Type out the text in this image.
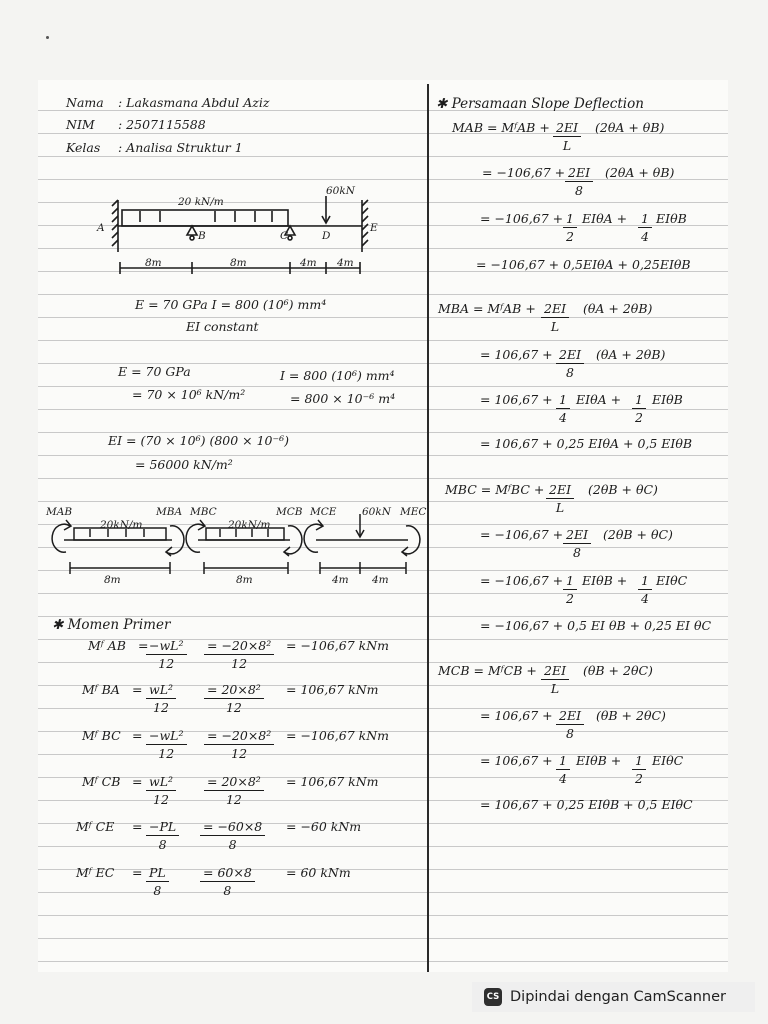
Nama : Lakasmana Abdul Aziz
NIM : 2507115588
Kelas : Analisa Struktur 1
20 kN/m
60kN
A
B	C	D
E
8m	8m	4m 4m
E = 70 GPa I = 800 (10⁶) mm⁴
EI constant
E = 70 GPa	I = 800 (10⁶) mm⁴
= 70 × 10⁶ kN/m²	= 800 × 10⁻⁶ m⁴
EI = (70 × 10⁶) (800 × 10⁻⁶)
= 56000 kN/m²
MAB	MBA MBC	MCB MCE	MEC
20kN/m	20kN/m
60kN
8m	8m	4m 4m
✱ Momen Primer
Mᶠ AB =
$\frac{\text{−wL²}}{12} \frac{\text{= −20×8²}}{12} = -106,67$ kNm
Mᶠ BA = $\frac{\text{wL²}}{12} \frac{\text{= 20×8²}}{12} = 106,67$ kNm
Mᶠ BC = $\frac{\text{−wL²}}{12} \frac{\text{= −20×8²}}{12} = -106,67$ kNm
Mᶠ CB = $\frac{\text{wL²}}{12} \frac{\text{= 20×8²}}{12} = 106,67$ kNm
Mᶠ CE = $\frac{-PL}{8} \frac{= -60\times 8}{8} = -60$ kNm
Mᶠ EC = $\frac{PL}{8}$	$\frac{= 60\times 8}{8} = 60$ kNm
✱ Persamaan Slope Deflection
MAB = MᶠAB + $\frac{2EI}{L} (2\theta A + \theta B)$
= $-106,67 + \frac{2EI}{8} (2\theta A + \theta B)$
= $-106,67 + \frac{1}{2}$ $EI\theta A + \frac{1}{4}$ EIθB
= −106,67 + 0,5EIθA + 0,25EIθB
MBA = MᶠAB + $\frac{2EI}{L} (\theta A + 2\theta B)$
= $106,67 + \frac{2EI}{8} (\theta A + 2\theta B)$
= $106,67 + \frac{1}{4}$ $EI\theta A + \frac{1}{2}$ EIθB
= 106,67 + 0,25 EIθA + 0,5 EIθB
MBC = MᶠBC + $\frac{2EI}{L} (2\theta B + \theta C)$
= $-106,67 + \frac{2EI}{8} (2\theta B + \theta C)$
= $-106,67 + \frac{1}{2}$ $EI\theta B + \frac{1}{4}$ EIθC
= −106,67 + 0,5 EI θB + 0,25 EI θC
MCB = MᶠCB + $\frac{2EI}{L} (\theta B + 2\theta C)$
= $106,67 + \frac{2EI}{8} (\theta B + 2\theta C)$
= $106,67 + \frac{1}{4}$ $EI\theta B + \frac{1}{2}$ EIθC
= 106,67 + 0,25 EIθB + 0,5 EIθC
CS Dipindai dengan CamScanner
